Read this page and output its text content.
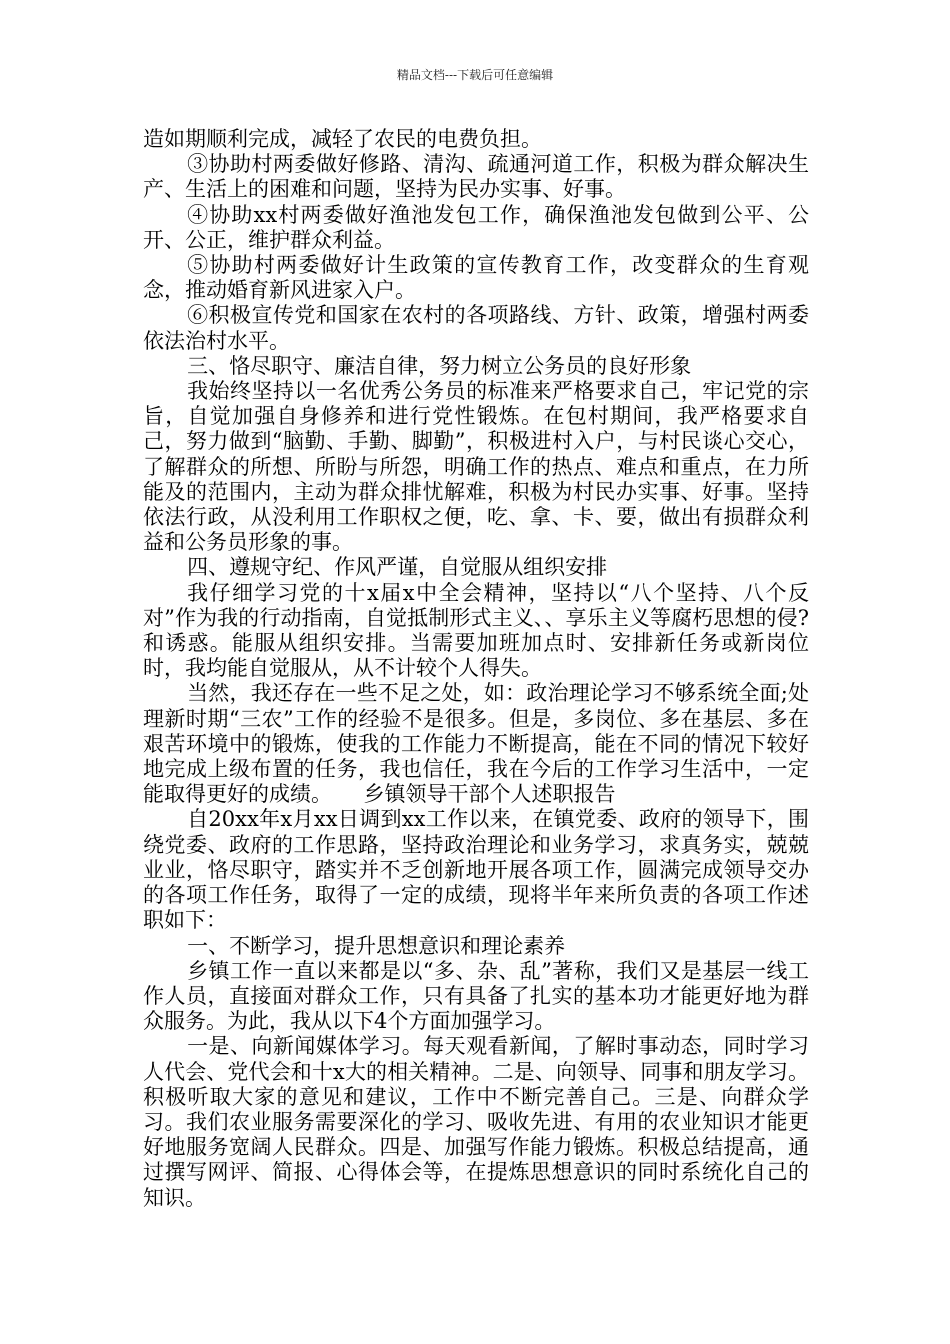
精品文档---下载后可任意编辑

造如期顺利完成，减轻了农民的电费负担。

③协助村两委做好修路、清沟、疏通河道工作，积极为群众解决生产、生活上的困难和问题，坚持为民办实事、好事。

④协助xx村两委做好渔池发包工作，确保渔池发包做到公平、公开、公正，维护群众利益。

⑤协助村两委做好计生政策的宣传教育工作，改变群众的生育观念，推动婚育新风进家入户。

⑥积极宣传党和国家在农村的各项路线、方针、政策，增强村两委依法治村水平。

三、恪尽职守、廉洁自律，努力树立公务员的良好形象

我始终坚持以一名优秀公务员的标准来严格要求自己，牢记党的宗旨，自觉加强自身修养和进行党性锻炼。在包村期间，我严格要求自己，努力做到“脑勤、手勤、脚勤”，积极进村入户，与村民谈心交心，了解群众的所想、所盼与所怨，明确工作的热点、难点和重点，在力所能及的范围内，主动为群众排忧解难，积极为村民办实事、好事。坚持依法行政，从没利用工作职权之便，吃、拿、卡、要，做出有损群众利益和公务员形象的事。

四、遵规守纪、作风严谨，自觉服从组织安排

我仔细学习党的十x届x中全会精神，坚持以“八个坚持、八个反对”作为我的行动指南，自觉抵制形式主义、、享乐主义等腐朽思想的侵?和诱惑。能服从组织安排。当需要加班加点时、安排新任务或新岗位时，我均能自觉服从，从不计较个人得失。

当然，我还存在一些不足之处，如：政治理论学习不够系统全面;处理新时期“三农”工作的经验不是很多。但是，多岗位、多在基层、多在艰苦环境中的锻炼，使我的工作能力不断提高，能在不同的情况下较好地完成上级布置的任务，我也信任，我在今后的工作学习生活中，一定能取得更好的成绩。　　乡镇领导干部个人述职报告

自20xx年x月xx日调到xx工作以来，在镇党委、政府的领导下，围绕党委、政府的工作思路，坚持政治理论和业务学习，求真务实，兢兢业业，恪尽职守，踏实并不乏创新地开展各项工作，圆满完成领导交办的各项工作任务，取得了一定的成绩，现将半年来所负责的各项工作述职如下：

一、不断学习，提升思想意识和理论素养

乡镇工作一直以来都是以“多、杂、乱”著称，我们又是基层一线工作人员，直接面对群众工作，只有具备了扎实的基本功才能更好地为群众服务。为此，我从以下4个方面加强学习。

一是、向新闻媒体学习。每天观看新闻，了解时事动态，同时学习人代会、党代会和十x大的相关精神。二是、向领导、同事和朋友学习。积极听取大家的意见和建议，工作中不断完善自己。三是、向群众学习。我们农业服务需要深化的学习、吸收先进、有用的农业知识才能更好地服务宽阔人民群众。四是、加强写作能力锻炼。积极总结提高，通过撰写网评、简报、心得体会等，在提炼思想意识的同时系统化自己的知识。
